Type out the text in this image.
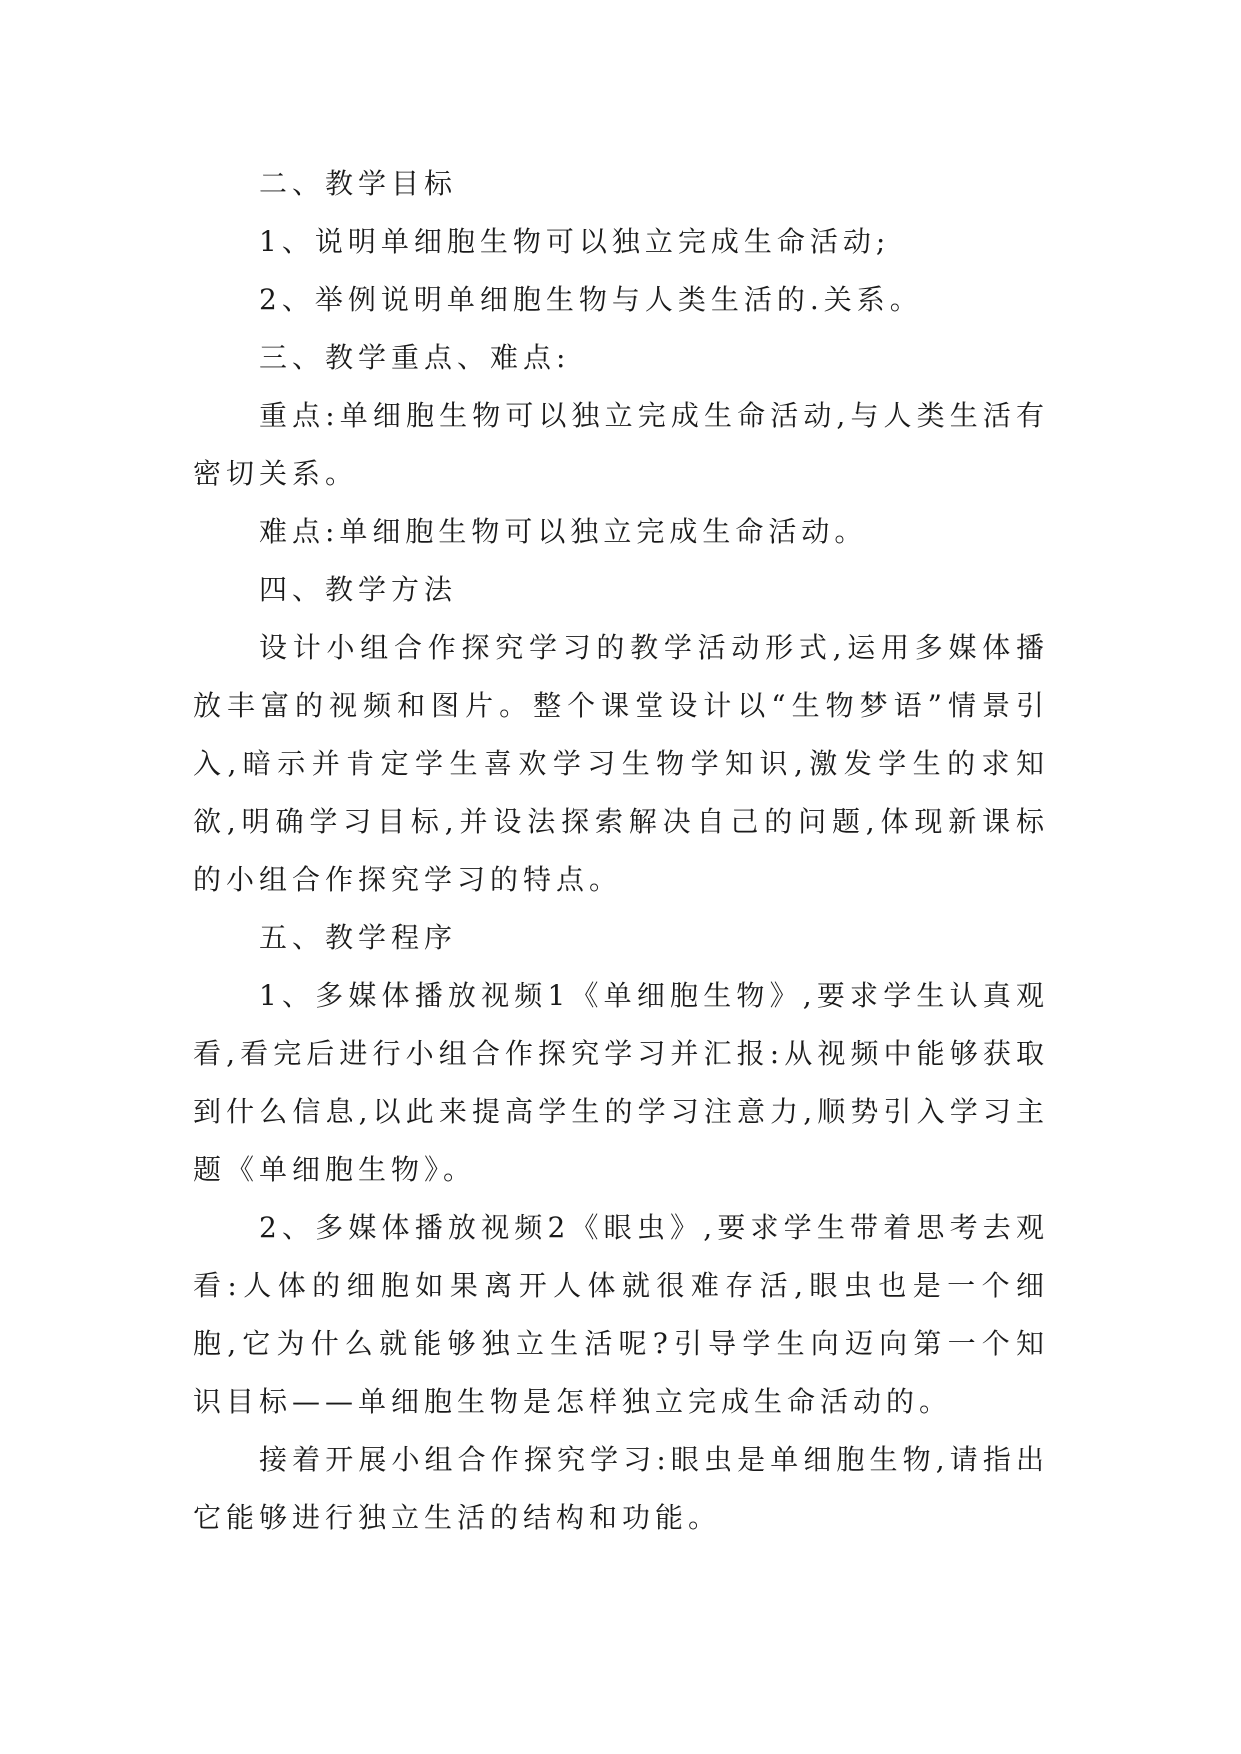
二、教学目标

1、说明单细胞生物可以独立完成生命活动;

2、举例说明单细胞生物与人类生活的.关系。

三、教学重点、难点:

重点:单细胞生物可以独立完成生命活动,与人类生活有密切关系。

难点:单细胞生物可以独立完成生命活动。

四、教学方法

设计小组合作探究学习的教学活动形式,运用多媒体播放丰富的视频和图片。整个课堂设计以“生物梦语”情景引入,暗示并肯定学生喜欢学习生物学知识,激发学生的求知欲,明确学习目标,并设法探索解决自己的问题,体现新课标的小组合作探究学习的特点。

五、教学程序

1、多媒体播放视频1《单细胞生物》,要求学生认真观看,看完后进行小组合作探究学习并汇报:从视频中能够获取到什么信息,以此来提高学生的学习注意力,顺势引入学习主题《单细胞生物》。

2、多媒体播放视频2《眼虫》,要求学生带着思考去观看:人体的细胞如果离开人体就很难存活,眼虫也是一个细胞,它为什么就能够独立生活呢?引导学生向迈向第一个知识目标——单细胞生物是怎样独立完成生命活动的。

接着开展小组合作探究学习:眼虫是单细胞生物,请指出它能够进行独立生活的结构和功能。
